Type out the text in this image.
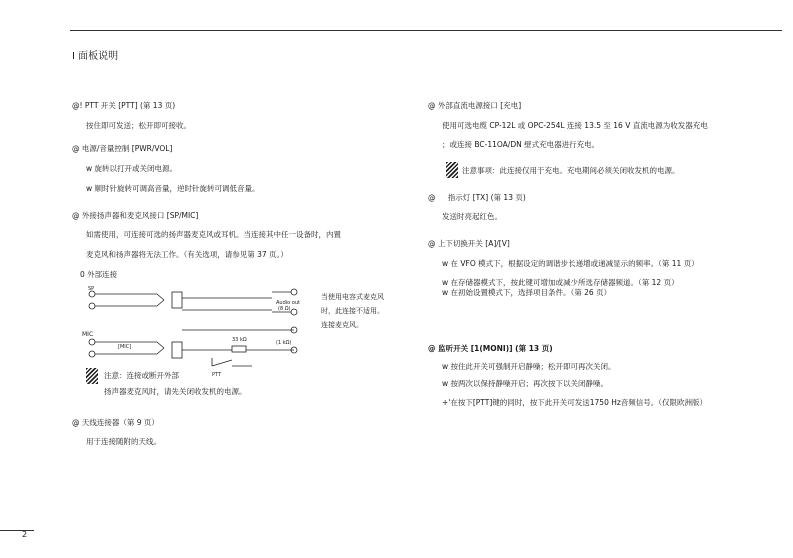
I 面板说明
@! PTT 开关 [PTT] (第 13 页)
按住即可发送；松开即可接收。
@ 电源/音量控制 [PWR/VOL]
w 旋转以打开或关闭电源。
w 顺时针旋转可调高音量，逆时针旋转可调低音量。
@ 外接扬声器和麦克风接口 [SP/MIC]
如需使用，可连接可选的扬声器麦克风或耳机。当连接其中任一设备时，内置
麦克风和扬声器将无法工作。（有关选项，请参见第 37 页。）
0 外部连接
SP
[MIC]
MIC
PTT
Audio out
(8 Ω)
33 kΩ	(1 kΩ)
当使用电容式麦克风
时，此连接不适用。
连接麦克风。
注意：连接或断开外部
扬声器麦克风时，请先关闭收发机的电源。
@ 天线连接器（第 9 页）
用于连接随附的天线。
@ 外部直流电源接口 [充电]
使用可选电缆 CP-12L 或 OPC-254L 连接 13.5 至 16 V 直流电源为收发器充电
；或连接 BC-11OA/DN 壁式充电器进行充电。
注意事项：此连接仅用于充电。充电期间必须关闭收发机的电源。
@ 　 指示灯 [TX] (第 13 页)
发送时亮起红色。
@ 上下切换开关 [A]/[V]
w 在 VFO 模式下，根据设定的调谐步长递增或递减显示的频率。（第 11 页）
w 在存储器模式下，按此键可增加或减少所选存储器频道。（第 12 页）
w 在初始设置模式下，选择项目条件。（第 26 页）
@ 监听开关 [1(MONI)] (第 13 页)
w 按住此开关可强制开启静噪；松开即可再次关闭。
w 按两次以保持静噪开启；再次按下以关闭静噪。
+'在按下[PTT]键的同时，按下此开关可发送1750 Hz音频信号。（仅限欧洲版）
2
